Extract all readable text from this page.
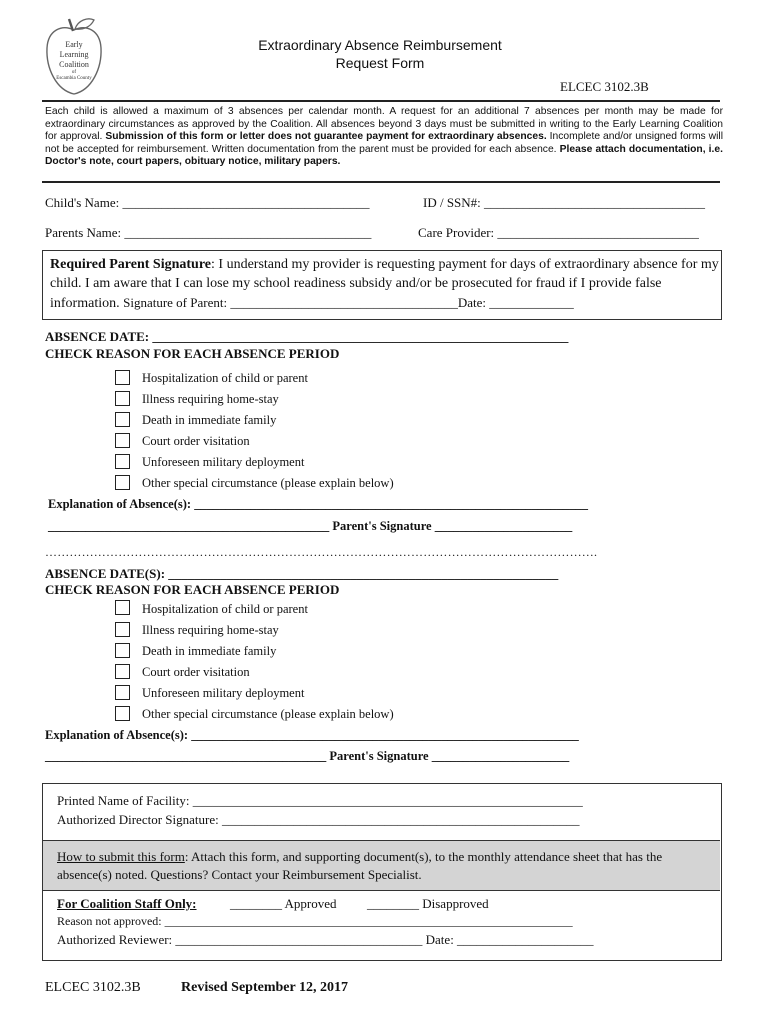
Early
Learning
Coalition
of
Escambia County
Extraordinary Absence Reimbursement
Request Form
ELCEC 3102.3B
Each child is allowed a maximum of 3 absences per calendar month. A request for an additional 7 absences per month may be made for extraordinary circumstances as approved by the Coalition. All absences beyond 3 days must be submitted in writing to the Early Learning Coalition for approval. Submission of this form or letter does not guarantee payment for extraordinary absences. Incomplete and/or unsigned forms will not be accepted for reimbursement. Written documentation from the parent must be provided for each absence. Please attach documentation, i.e. Doctor's note, court papers, obituary notice, military papers.
Child's Name: ______________________________________	ID / SSN#: __________________________________
Parents Name: ______________________________________	Care Provider: _______________________________
Required Parent Signature: I understand my provider is requesting payment for days of extraordinary absence for my child. I am aware that I can lose my school readiness subsidy and/or be prosecuted for fraud if I provide false information. Signature of Parent: ___________________________________Date: _____________
ABSENCE DATE: ________________________________________________________________
CHECK REASON FOR EACH ABSENCE PERIOD
Hospitalization of child or parent
Illness requiring home-stay
Death in immediate family
Court order visitation
Unforeseen military deployment
Other special circumstance (please explain below)
Explanation of Absence(s): _______________________________________________________________
_____________________________________________ Parent's Signature ______________________
……………………………………………………………………………………………………………………….
ABSENCE DATE(S): ____________________________________________________________
CHECK REASON FOR EACH ABSENCE PERIOD
Hospitalization of child or parent
Illness requiring home-stay
Death in immediate family
Court order visitation
Unforeseen military deployment
Other special circumstance (please explain below)
Explanation of Absence(s): ______________________________________________________________
_____________________________________________ Parent's Signature ______________________
Printed Name of Facility: ____________________________________________________________
Authorized Director Signature: _______________________________________________________
How to submit this form: Attach this form, and supporting document(s), to the monthly attendance sheet that has the absence(s) noted. Questions? Contact your Reimbursement Specialist.
For Coalition Staff Only:	________ Approved ________ Disapproved
Reason not approved: ____________________________________________________________________
Authorized Reviewer: ______________________________________ Date: _____________________
ELCEC 3102.3B	Revised September 12, 2017
